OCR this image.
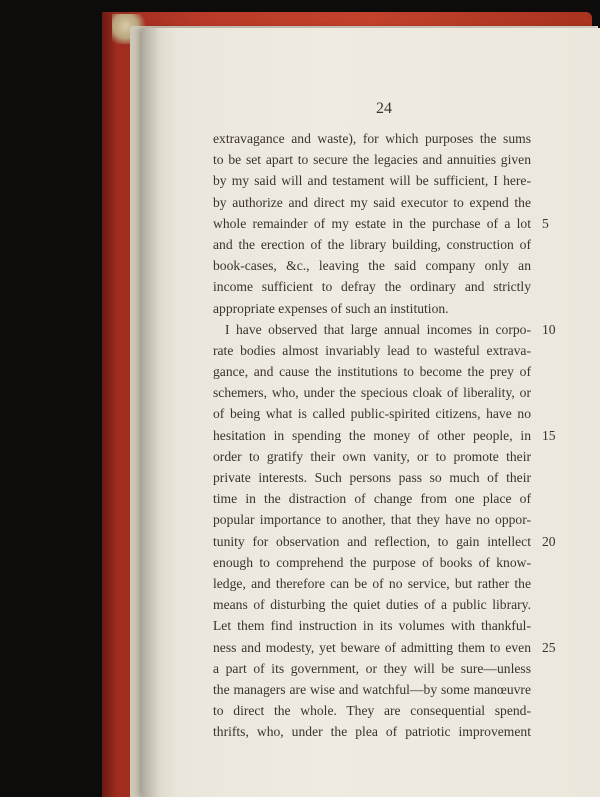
24
extravagance and waste), for which purposes the sums
to be set apart to secure the legacies and annuities given
by my said will and testament will be sufficient, I here-
by authorize and direct my said executor to expend the
whole remainder of my estate in the purchase of a lot
and the erection of the library building, construction of
book-cases, &c., leaving the said company only an
income sufficient to defray the ordinary and strictly
appropriate expenses of such an institution.
I have observed that large annual incomes in corpo-
rate bodies almost invariably lead to wasteful extrava-
gance, and cause the institutions to become the prey of
schemers, who, under the specious cloak of liberality, or
of being what is called public-spirited citizens, have no
hesitation in spending the money of other people, in
order to gratify their own vanity, or to promote their
private interests. Such persons pass so much of their
time in the distraction of change from one place of
popular importance to another, that they have no oppor-
tunity for observation and reflection, to gain intellect
enough to comprehend the purpose of books of know-
ledge, and therefore can be of no service, but rather the
means of disturbing the quiet duties of a public library.
Let them find instruction in its volumes with thankful-
ness and modesty, yet beware of admitting them to even
a part of its government, or they will be sure—unless
the managers are wise and watchful—by some manœuvre
to direct the whole. They are consequential spend-
thrifts, who, under the plea of patriotic improvement
5
10
15
20
25
